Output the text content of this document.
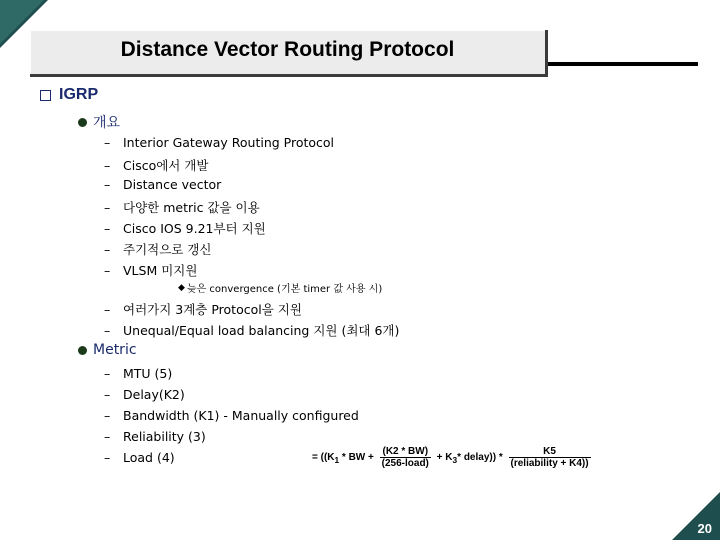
Distance Vector Routing Protocol
IGRP
개요
–	Interior Gateway Routing Protocol
–	Cisco에서 개발
–	Distance vector
–	다양한 metric 값을 이용
–	Cisco IOS 9.21부터 지원
–	주기적으로 갱신
–	VLSM 미지원
◆ 늦은 convergence (기본 timer 값 사용 시)
–	여러가지 3계층 Protocol을 지원
–	Unequal/Equal load balancing 지원 (최대 6개)
Metric
–	MTU (5)
–	Delay(K2)
–	Bandwidth (K1) - Manually configured
–	Reliability (3)
–	Load (4)	= (($K_1$ * BW + $\frac{(K2 * BW)}{\text{(256-load)}} + K_3*$ delay)) * $\frac{K5}{\text{(reliability + K4))}}$
20
